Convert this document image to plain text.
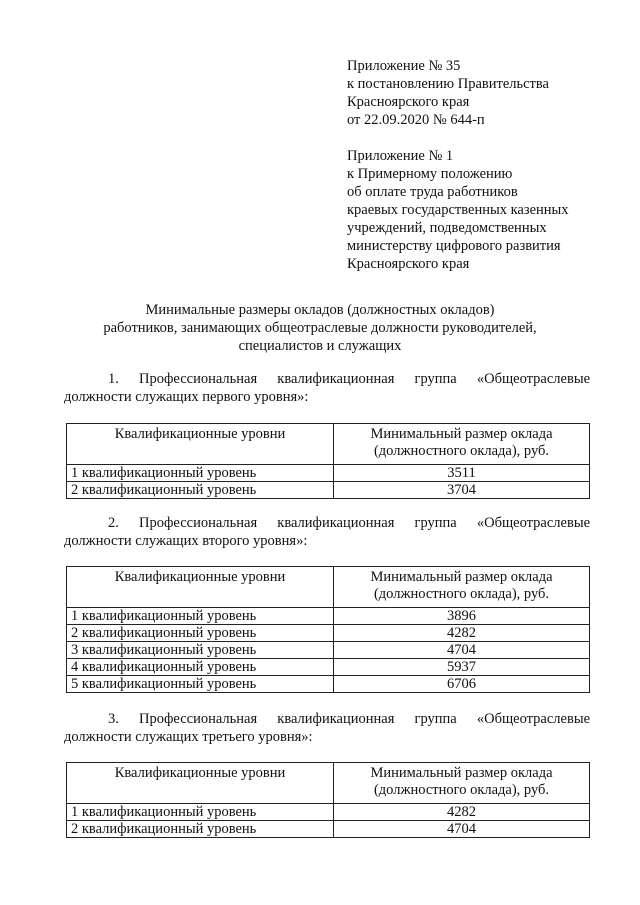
Приложение № 35
к постановлению Правительства
Красноярского края
от 22.09.2020 № 644-п
Приложение № 1
к Примерному положению
об оплате труда работников
краевых государственных казенных
учреждений, подведомственных
министерству цифрового развития
Красноярского края
Минимальные размеры окладов (должностных окладов)
работников, занимающих общеотраслевые должности руководителей,
специалистов и служащих
1. Профессиональная квалификационная группа «Общеотраслевые
должности служащих первого уровня»:
Квалификационные уровни	Минимальный размер оклада
(должностного оклада), руб.
1 квалификационный уровень	3511
2 квалификационный уровень	3704
2. Профессиональная квалификационная группа «Общеотраслевые
должности служащих второго уровня»:
Квалификационные уровни	Минимальный размер оклада
(должностного оклада), руб.
1 квалификационный уровень	3896
2 квалификационный уровень	4282
3 квалификационный уровень	4704
4 квалификационный уровень	5937
5 квалификационный уровень	6706
3. Профессиональная квалификационная группа «Общеотраслевые
должности служащих третьего уровня»:
Квалификационные уровни	Минимальный размер оклада
(должностного оклада), руб.
1 квалификационный уровень	4282
2 квалификационный уровень	4704
